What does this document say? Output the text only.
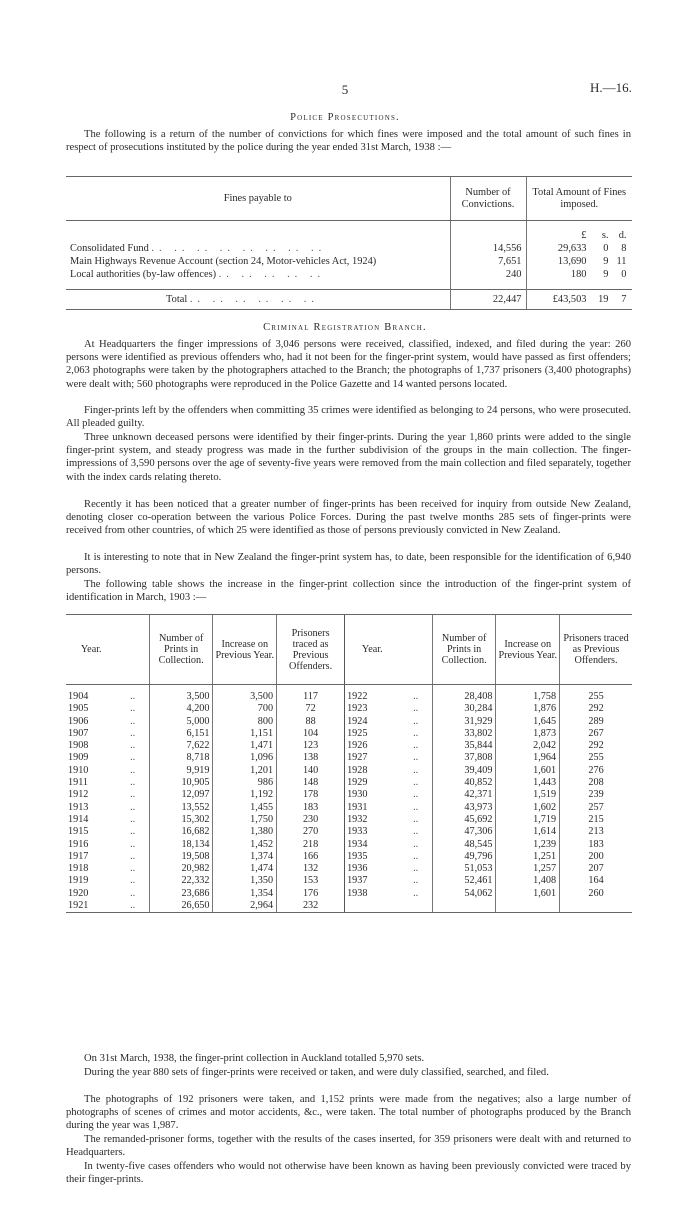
5	H.—16.
Police Prosecutions.

The following is a return of the number of convictions for which fines were imposed and the total amount of such fines in respect of prosecutions instituted by the police during the year ended 31st March, 1938 :—

Fines payable to	Number of Convictions.	Total Amount of Fines imposed.

		£ s. d.

Consolidated Fund .. .. .. .. .. .. .. ..	14,556	29,633 0 8

Main Highways Revenue Account (section 24, Motor-vehicles Act, 1924)	7,651	13,690 9 11

Local authorities (by-law offences) .. .. .. .. ..	240	180 9 0

Total .. .. .. .. .. ..	22,447	£43,503 19 7
Criminal Registration Branch.

At Headquarters the finger impressions of 3,046 persons were received, classified, indexed, and filed during the year: 260 persons were identified as previous offenders who, had it not been for the finger-print system, would have passed as first offenders; 2,063 photographs were taken by the photographers attached to the Branch; the photographs of 1,737 prisoners (3,400 photographs) were dealt with; 560 photographs were reproduced in the Police Gazette and 14 wanted persons located.

Finger-prints left by the offenders when committing 35 crimes were identified as belonging to 24 persons, who were prosecuted. All pleaded guilty.

Three unknown deceased persons were identified by their finger-prints. During the year 1,860 prints were added to the single finger-print system, and steady progress was made in the further subdivision of the groups in the main collection. The finger-impressions of 3,590 persons over the age of seventy-five years were removed from the main collection and filed separately, together with the index cards relating thereto.

Recently it has been noticed that a greater number of finger-prints has been received for inquiry from outside New Zealand, denoting closer co-operation between the various Police Forces. During the past twelve months 285 sets of finger-prints were received from other countries, of which 25 were identified as those of persons previously convicted in New Zealand.

It is interesting to note that in New Zealand the finger-print system has, to date, been responsible for the identification of 6,940 persons.

The following table shows the increase in the finger-print collection since the introduction of the finger-print system of identification in March, 1903 :—

Year.		Number of Prints in Collection.	Increase on Previous Year.	Prisoners traced as Previous Offenders.	Year.		Number of Prints in Collection.	Increase on Previous Year.	Prisoners traced as Previous Offenders.
1904	..	3,500	3,500	117	1922	..	28,408	1,758	255
1905	..	4,200	700	72	1923	..	30,284	1,876	292
1906	..	5,000	800	88	1924	..	31,929	1,645	289
1907	..	6,151	1,151	104	1925	..	33,802	1,873	267
1908	..	7,622	1,471	123	1926	..	35,844	2,042	292
1909	..	8,718	1,096	138	1927	..	37,808	1,964	255
1910	..	9,919	1,201	140	1928	..	39,409	1,601	276
1911	..	10,905	986	148	1929	..	40,852	1,443	208
1912	..	12,097	1,192	178	1930	..	42,371	1,519	239
1913	..	13,552	1,455	183	1931	..	43,973	1,602	257
1914	..	15,302	1,750	230	1932	..	45,692	1,719	215
1915	..	16,682	1,380	270	1933	..	47,306	1,614	213
1916	..	18,134	1,452	218	1934	..	48,545	1,239	183
1917	..	19,508	1,374	166	1935	..	49,796	1,251	200
1918	..	20,982	1,474	132	1936	..	51,053	1,257	207
1919	..	22,332	1,350	153	1937	..	52,461	1,408	164
1920	..	23,686	1,354	176	1938	..	54,062	1,601	260
1921	..	26,650	2,964	232					

On 31st March, 1938, the finger-print collection in Auckland totalled 5,970 sets.

During the year 880 sets of finger-prints were received or taken, and were duly classified, searched, and filed.

The photographs of 192 prisoners were taken, and 1,152 prints were made from the negatives; also a large number of photographs of scenes of crimes and motor accidents, &c., were taken. The total number of photographs produced by the Branch during the year was 1,987.

The remanded-prisoner forms, together with the results of the cases inserted, for 359 prisoners were dealt with and returned to Headquarters.

In twenty-five cases offenders who would not otherwise have been known as having been previously convicted were traced by their finger-prints.
